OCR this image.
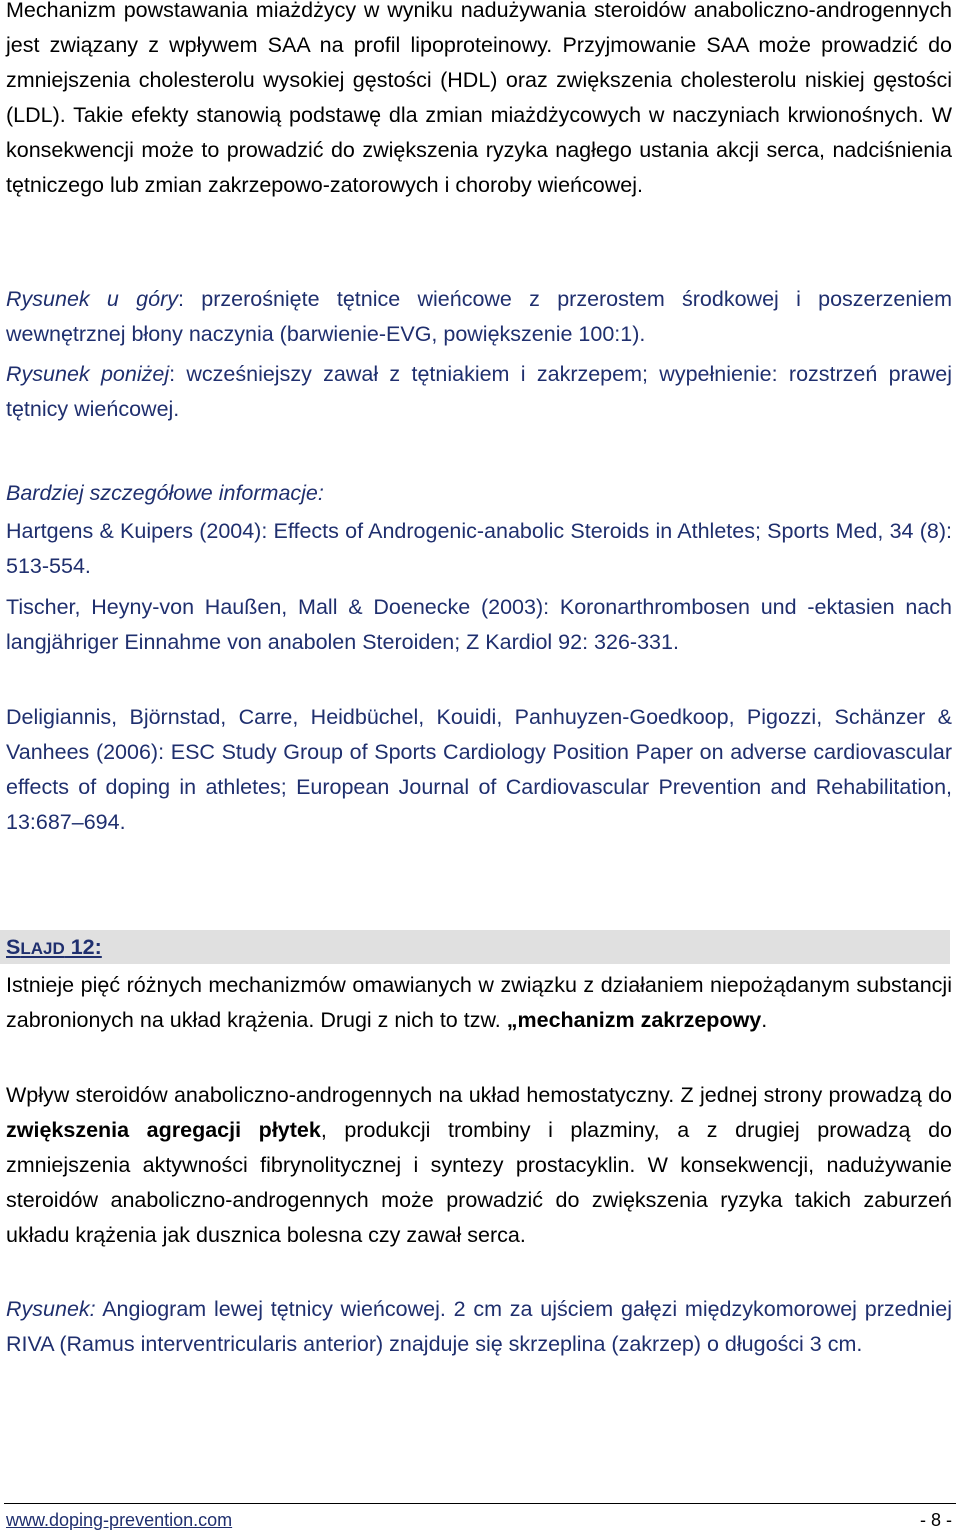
Mechanizm powstawania miażdżycy w wyniku nadużywania steroidów anaboliczno-androgennych jest związany z wpływem SAA na profil lipoproteinowy. Przyjmowanie SAA może prowadzić do zmniejszenia cholesterolu wysokiej gęstości (HDL) oraz zwiększenia cholesterolu niskiej gęstości (LDL). Takie efekty stanowią podstawę dla zmian miażdżycowych w naczyniach krwionośnych. W konsekwencji może to prowadzić do zwiększenia ryzyka nagłego ustania akcji serca, nadciśnienia tętniczego lub zmian zakrzepowo-zatorowych i choroby wieńcowej.

Rysunek u góry: przerośnięte tętnice wieńcowe z przerostem środkowej i poszerzeniem wewnętrznej błony naczynia (barwienie-EVG, powiększenie 100:1).

Rysunek poniżej: wcześniejszy zawał z tętniakiem i zakrzepem; wypełnienie: rozstrzeń prawej tętnicy wieńcowej.

Bardziej szczegółowe informacje:

Hartgens & Kuipers (2004): Effects of Androgenic-anabolic Steroids in Athletes; Sports Med, 34 (8): 513-554.

Tischer, Heyny-von Haußen, Mall & Doenecke (2003): Koronarthrombosen und -ektasien nach langjähriger Einnahme von anabolen Steroiden; Z Kardiol 92: 326-331.

Deligiannis, Björnstad, Carre, Heidbüchel, Kouidi, Panhuyzen-Goedkoop, Pigozzi, Schänzer & Vanhees (2006): ESC Study Group of Sports Cardiology Position Paper on adverse cardiovascular effects of doping in athletes; European Journal of Cardiovascular Prevention and Rehabilitation, 13:687–694.

SLAJD 12:

Istnieje pięć różnych mechanizmów omawianych w związku z działaniem niepożądanym substancji zabronionych na układ krążenia. Drugi z nich to tzw. „mechanizm zakrzepowy.

Wpływ steroidów anaboliczno-androgennych na układ hemostatyczny. Z jednej strony prowadzą do zwiększenia agregacji płytek, produkcji trombiny i plazminy, a z drugiej prowadzą do zmniejszenia aktywności fibrynolitycznej i syntezy prostacyklin. W konsekwencji, nadużywanie steroidów anaboliczno-androgennych może prowadzić do zwiększenia ryzyka takich zaburzeń układu krążenia jak dusznica bolesna czy zawał serca.

Rysunek: Angiogram lewej tętnicy wieńcowej. 2 cm za ujściem gałęzi międzykomorowej przedniej RIVA (Ramus interventricularis anterior) znajduje się skrzeplina (zakrzep) o długości 3 cm.

www.doping-prevention.com	- 8 -
